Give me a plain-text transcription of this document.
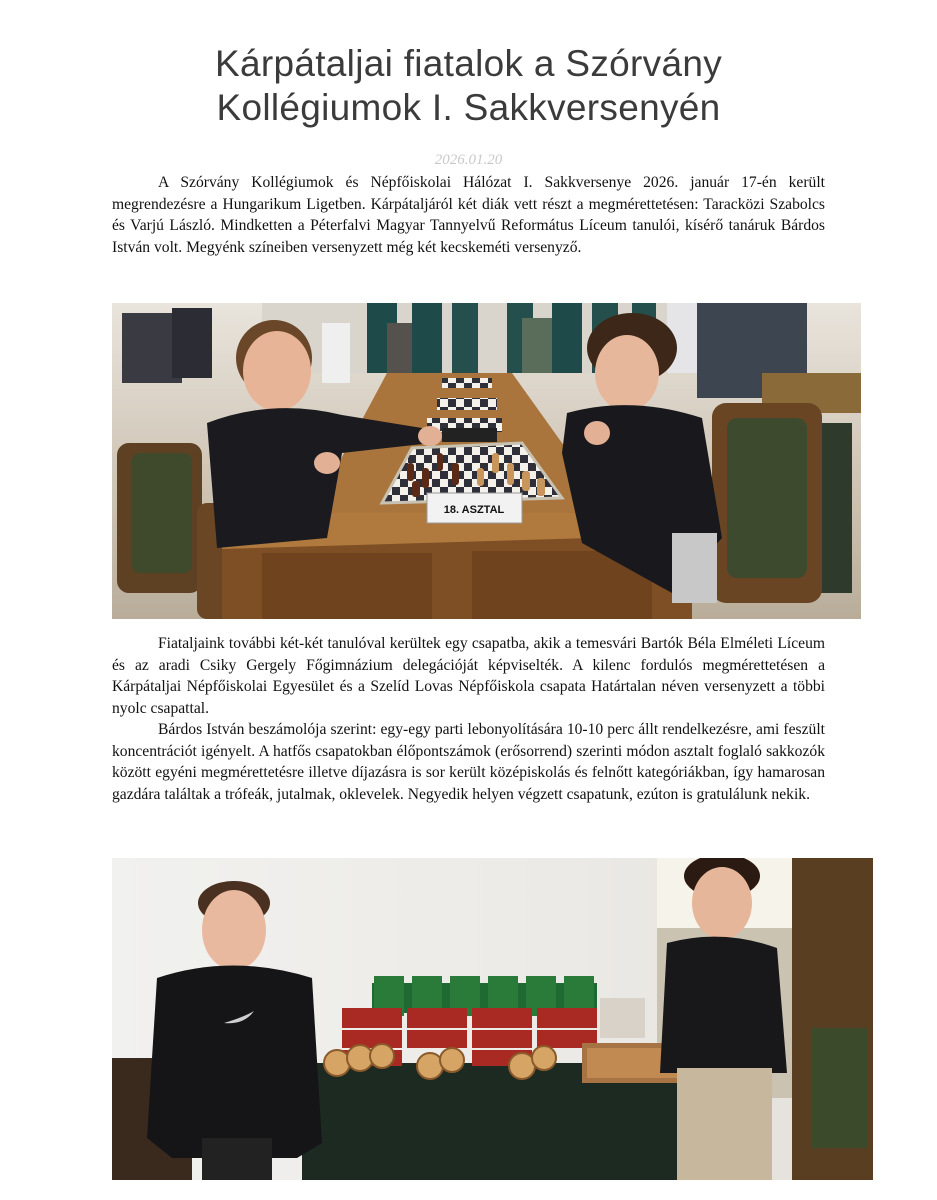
Kárpátaljai fiatalok a Szórvány
Kollégiumok I. Sakkversenyén
2026.01.20

A Szórvány Kollégiumok és Népfőiskolai Hálózat I. Sakkversenye 2026. január 17-én került megrendezésre a Hungarikum Ligetben. Kárpátaljáról két diák vett részt a megmérettetésen: Taracközi Szabolcs és Varjú László. Mindketten a Péterfalvi Magyar Tannyelvű Református Líceum tanulói, kísérő tanáruk Bárdos István volt. Megyénk színeiben versenyzett még két kecskeméti versenyző.

18. ASZTAL

Fiataljaink további két-két tanulóval kerültek egy csapatba, akik a temesvári Bartók Béla Elméleti Líceum és az aradi Csiky Gergely Főgimnázium delegációját képviselték. A kilenc fordulós megmérettetésen a Kárpátaljai Népfőiskolai Egyesület és a Szelíd Lovas Népfőiskola csapata Határtalan néven versenyzett a többi nyolc csapattal.

Bárdos István beszámolója szerint: egy-egy parti lebonyolítására 10-10 perc állt rendelkezésre, ami feszült koncentrációt igényelt. A hatfős csapatokban élőpontszámok (erősorrend) szerinti módon asztalt foglaló sakkozók között egyéni megmérettetésre illetve díjazásra is sor került középiskolás és felnőtt kategóriákban, így hamarosan gazdára találtak a trófeák, jutalmak, oklevelek. Negyedik helyen végzett csapatunk, ezúton is gratulálunk nekik.
